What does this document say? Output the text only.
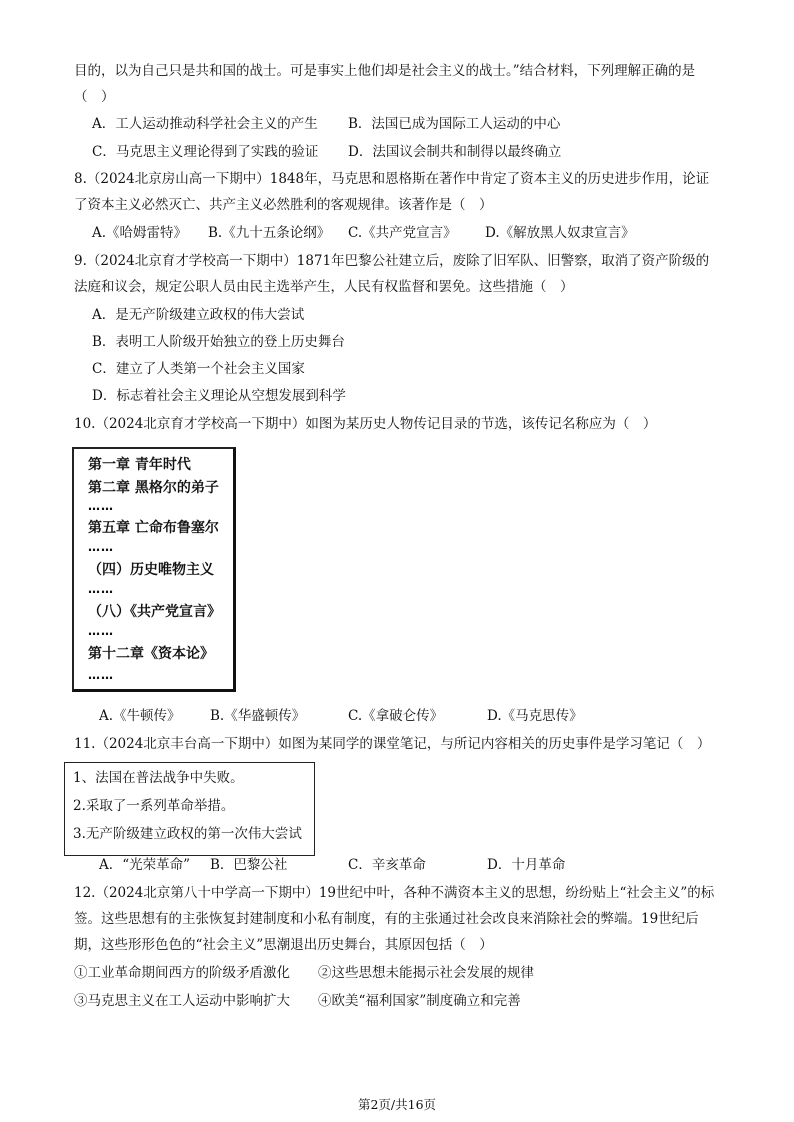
目的，以为自己只是共和国的战士。可是事实上他们却是社会主义的战士。”结合材料，下列理解正确的是
（　）
A．工人运动推动科学社会主义的产生 B．法国已成为国际工人运动的中心
C．马克思主义理论得到了实践的验证 D．法国议会制共和制得以最终确立
8.（2024北京房山高一下期中）1848年，马克思和恩格斯在著作中肯定了资本主义的历史进步作用，论证
了资本主义必然灭亡、共产主义必然胜利的客观规律。该著作是（　）
A.《哈姆雷特》 B.《九十五条论纲》 C.《共产党宣言》 D.《解放黑人奴隶宣言》
9.（2024北京育才学校高一下期中）1871年巴黎公社建立后，废除了旧军队、旧警察，取消了资产阶级的
法庭和议会，规定公职人员由民主选举产生，人民有权监督和罢免。这些措施（　）
A．是无产阶级建立政权的伟大尝试
B．表明工人阶级开始独立的登上历史舞台
C．建立了人类第一个社会主义国家
D．标志着社会主义理论从空想发展到科学
10.（2024北京育才学校高一下期中）如图为某历史人物传记目录的节选，该传记名称应为（　）
第一章 青年时代
第二章 黑格尔的弟子
……
第五章 亡命布鲁塞尔
……
（四）历史唯物主义
……
（八）《共产党宣言》
……
第十二章《资本论》
……
A.《牛顿传》 B.《华盛顿传》	C.《拿破仑传》	D.《马克思传》
11.（2024北京丰台高一下期中）如图为某同学的课堂笔记，与所记内容相关的历史事件是学习笔记（　）
1、法国在普法战争中失败。
2.采取了一系列革命举措。
3.无产阶级建立政权的第一次伟大尝试
A．“光荣革命” B．巴黎公社	C．辛亥革命	D．十月革命
12.（2024北京第八十中学高一下期中）19世纪中叶，各种不满资本主义的思想，纷纷贴上“社会主义”的标
签。这些思想有的主张恢复封建制度和小私有制度，有的主张通过社会改良来消除社会的弊端。19世纪后
期，这些形形色色的“社会主义”思潮退出历史舞台，其原因包括（　）
①工业革命期间西方的阶级矛盾激化 ②这些思想未能揭示社会发展的规律
③马克思主义在工人运动中影响扩大 ④欧美“福利国家”制度确立和完善
第2页/共16页
